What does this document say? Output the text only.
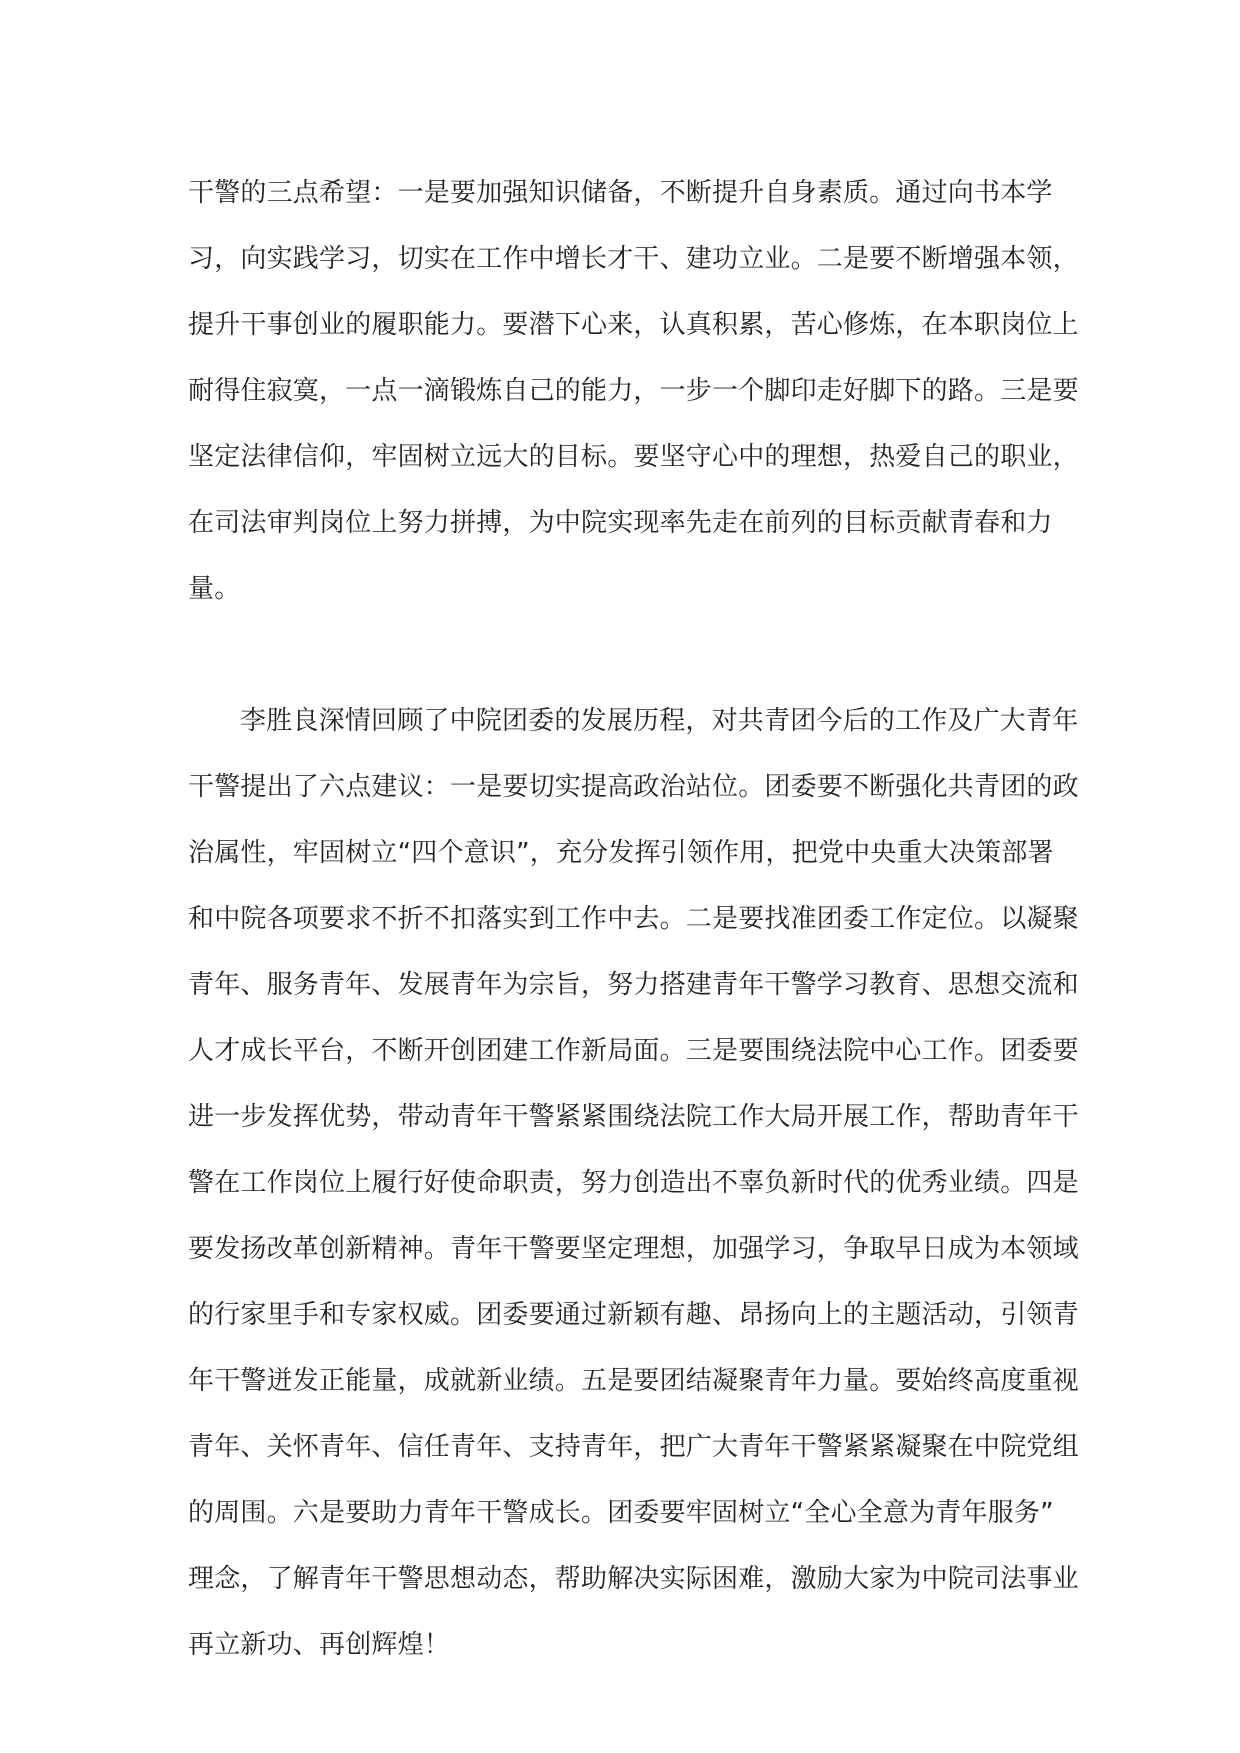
干警的三点希望：一是要加强知识储备，不断提升自身素质。通过向书本学
习，向实践学习，切实在工作中增长才干、建功立业。二是要不断增强本领，
提升干事创业的履职能力。要潜下心来，认真积累，苦心修炼，在本职岗位上
耐得住寂寞，一点一滴锻炼自己的能力，一步一个脚印走好脚下的路。三是要
坚定法律信仰，牢固树立远大的目标。要坚守心中的理想，热爱自己的职业，
在司法审判岗位上努力拼搏，为中院实现率先走在前列的目标贡献青春和力
量。

李胜良深情回顾了中院团委的发展历程，对共青团今后的工作及广大青年
干警提出了六点建议：一是要切实提高政治站位。团委要不断强化共青团的政
治属性，牢固树立“四个意识”，充分发挥引领作用，把党中央重大决策部署
和中院各项要求不折不扣落实到工作中去。二是要找准团委工作定位。以凝聚
青年、服务青年、发展青年为宗旨，努力搭建青年干警学习教育、思想交流和
人才成长平台，不断开创团建工作新局面。三是要围绕法院中心工作。团委要
进一步发挥优势，带动青年干警紧紧围绕法院工作大局开展工作，帮助青年干
警在工作岗位上履行好使命职责，努力创造出不辜负新时代的优秀业绩。四是
要发扬改革创新精神。青年干警要坚定理想，加强学习，争取早日成为本领域
的行家里手和专家权威。团委要通过新颖有趣、昂扬向上的主题活动，引领青
年干警迸发正能量，成就新业绩。五是要团结凝聚青年力量。要始终高度重视
青年、关怀青年、信任青年、支持青年，把广大青年干警紧紧凝聚在中院党组
的周围。六是要助力青年干警成长。团委要牢固树立“全心全意为青年服务”
理念，了解青年干警思想动态，帮助解决实际困难，激励大家为中院司法事业
再立新功、再创辉煌！
